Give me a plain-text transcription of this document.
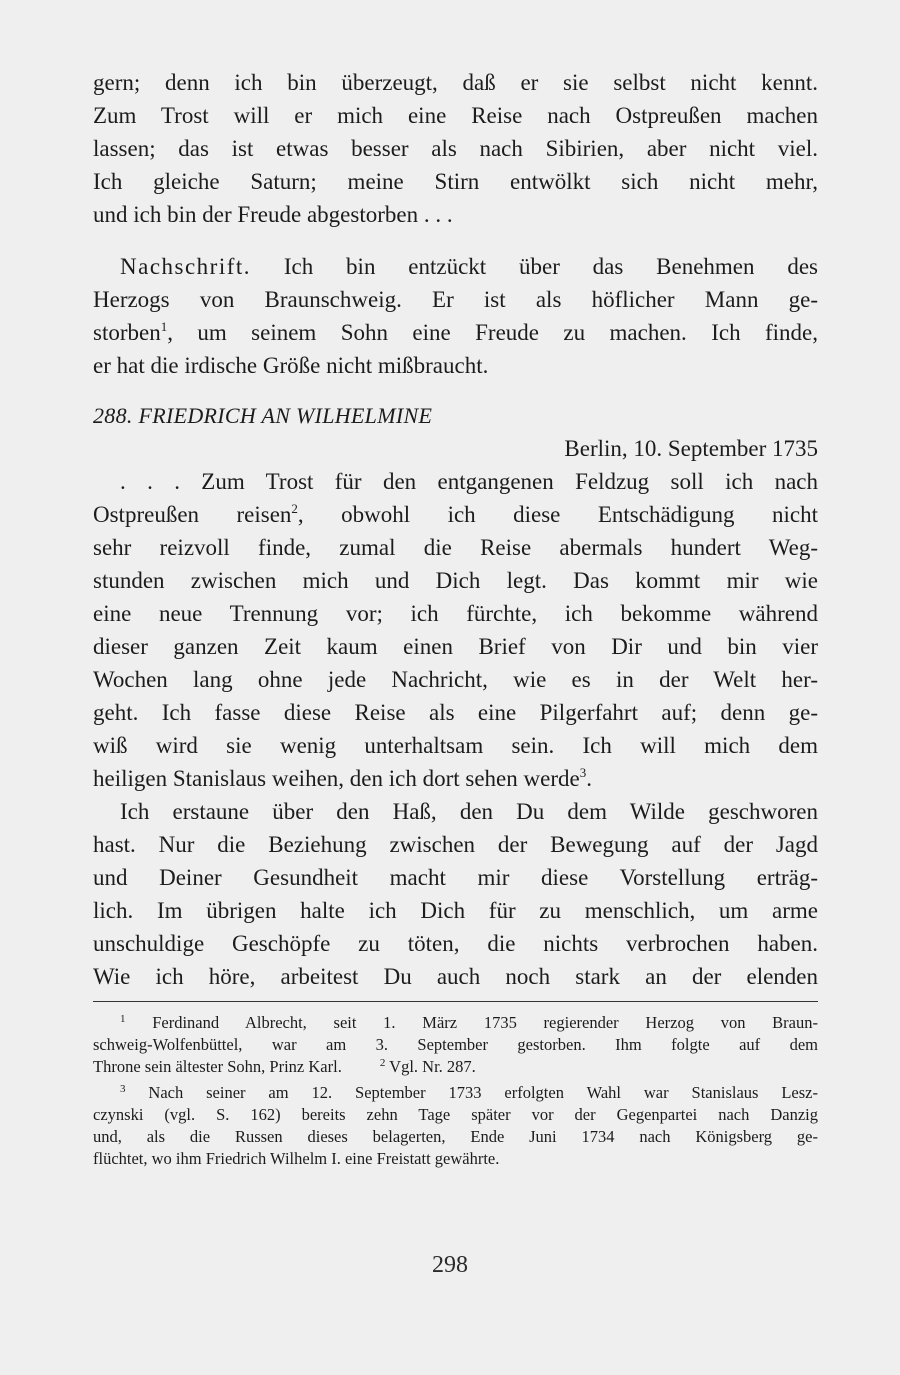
gern; denn ich bin überzeugt, daß er sie selbst nicht kennt.
Zum Trost will er mich eine Reise nach Ostpreußen machen
lassen; das ist etwas besser als nach Sibirien, aber nicht viel.
Ich gleiche Saturn; meine Stirn entwölkt sich nicht mehr,
und ich bin der Freude abgestorben . . .
Nachschrift. Ich bin entzückt über das Benehmen des
Herzogs von Braunschweig. Er ist als höflicher Mann ge-
storben$^1$, um seinem Sohn eine Freude zu machen. Ich finde,
er hat die irdische Größe nicht mißbraucht.
288. FRIEDRICH AN WILHELMINE
Berlin, 10. September 1735
. . . Zum Trost für den entgangenen Feldzug soll ich nach
Ostpreußen reisen$^2$, obwohl ich diese Entschädigung nicht
sehr reizvoll finde, zumal die Reise abermals hundert Weg-
stunden zwischen mich und Dich legt. Das kommt mir wie
eine neue Trennung vor; ich fürchte, ich bekomme während
dieser ganzen Zeit kaum einen Brief von Dir und bin vier
Wochen lang ohne jede Nachricht, wie es in der Welt her-
geht. Ich fasse diese Reise als eine Pilgerfahrt auf; denn ge-
wiß wird sie wenig unterhaltsam sein. Ich will mich dem
heiligen Stanislaus weihen, den ich dort sehen werde$^3$.
Ich erstaune über den Haß, den Du dem Wilde geschworen
hast. Nur die Beziehung zwischen der Bewegung auf der Jagd
und Deiner Gesundheit macht mir diese Vorstellung erträg-
lich. Im übrigen halte ich Dich für zu menschlich, um arme
unschuldige Geschöpfe zu töten, die nichts verbrochen haben.
Wie ich höre, arbeitest Du auch noch stark an der elenden
$^1$ Ferdinand Albrecht, seit 1. März 1735 regierender Herzog von Braun-
schweig-Wolfenbüttel, war am 3. September gestorben. Ihm folgte auf dem
Throne sein ältester Sohn, Prinz Karl.	$^2$ Vgl. Nr. 287.
$^3$ Nach seiner am 12. September 1733 erfolgten Wahl war Stanislaus Lesz-
czynski (vgl. S. 162) bereits zehn Tage später vor der Gegenpartei nach Danzig
und, als die Russen dieses belagerten, Ende Juni 1734 nach Königsberg ge-
flüchtet, wo ihm Friedrich Wilhelm I. eine Freistatt gewährte.
298
